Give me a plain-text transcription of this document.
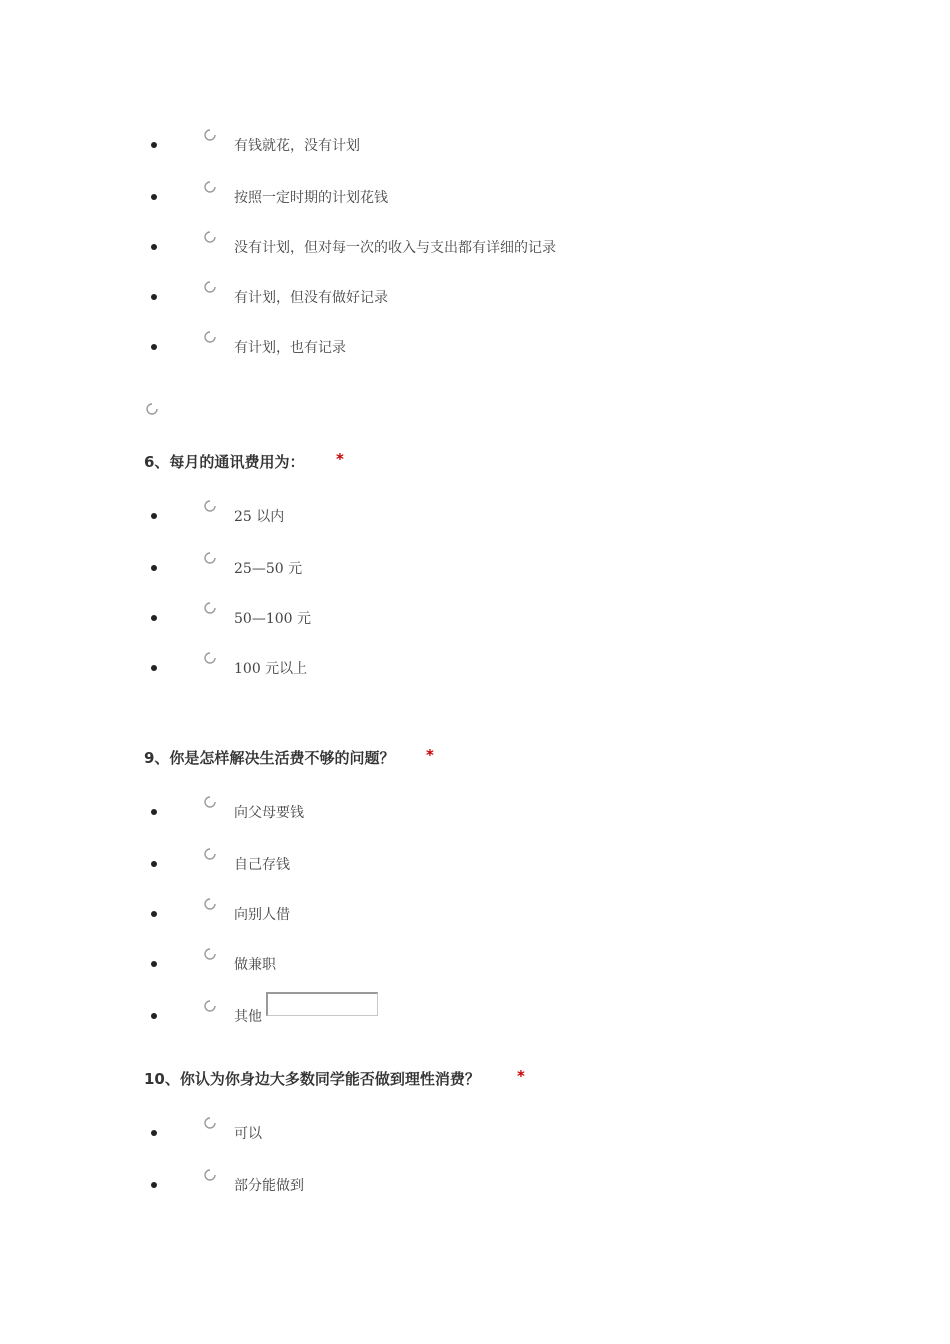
有钱就花，没有计划
按照一定时期的计划花钱
没有计划，但对每一次的收入与支出都有详细的记录
有计划，但没有做好记录
有计划，也有记录
6、每月的通讯费用为： *
25 以内
25—50 元
50—100 元
100 元以上
9、你是怎样解决生活费不够的问题？ *
向父母要钱
自己存钱
向别人借
做兼职
其他
10、你认为你身边大多数同学能否做到理性消费？ *
可以
部分能做到
